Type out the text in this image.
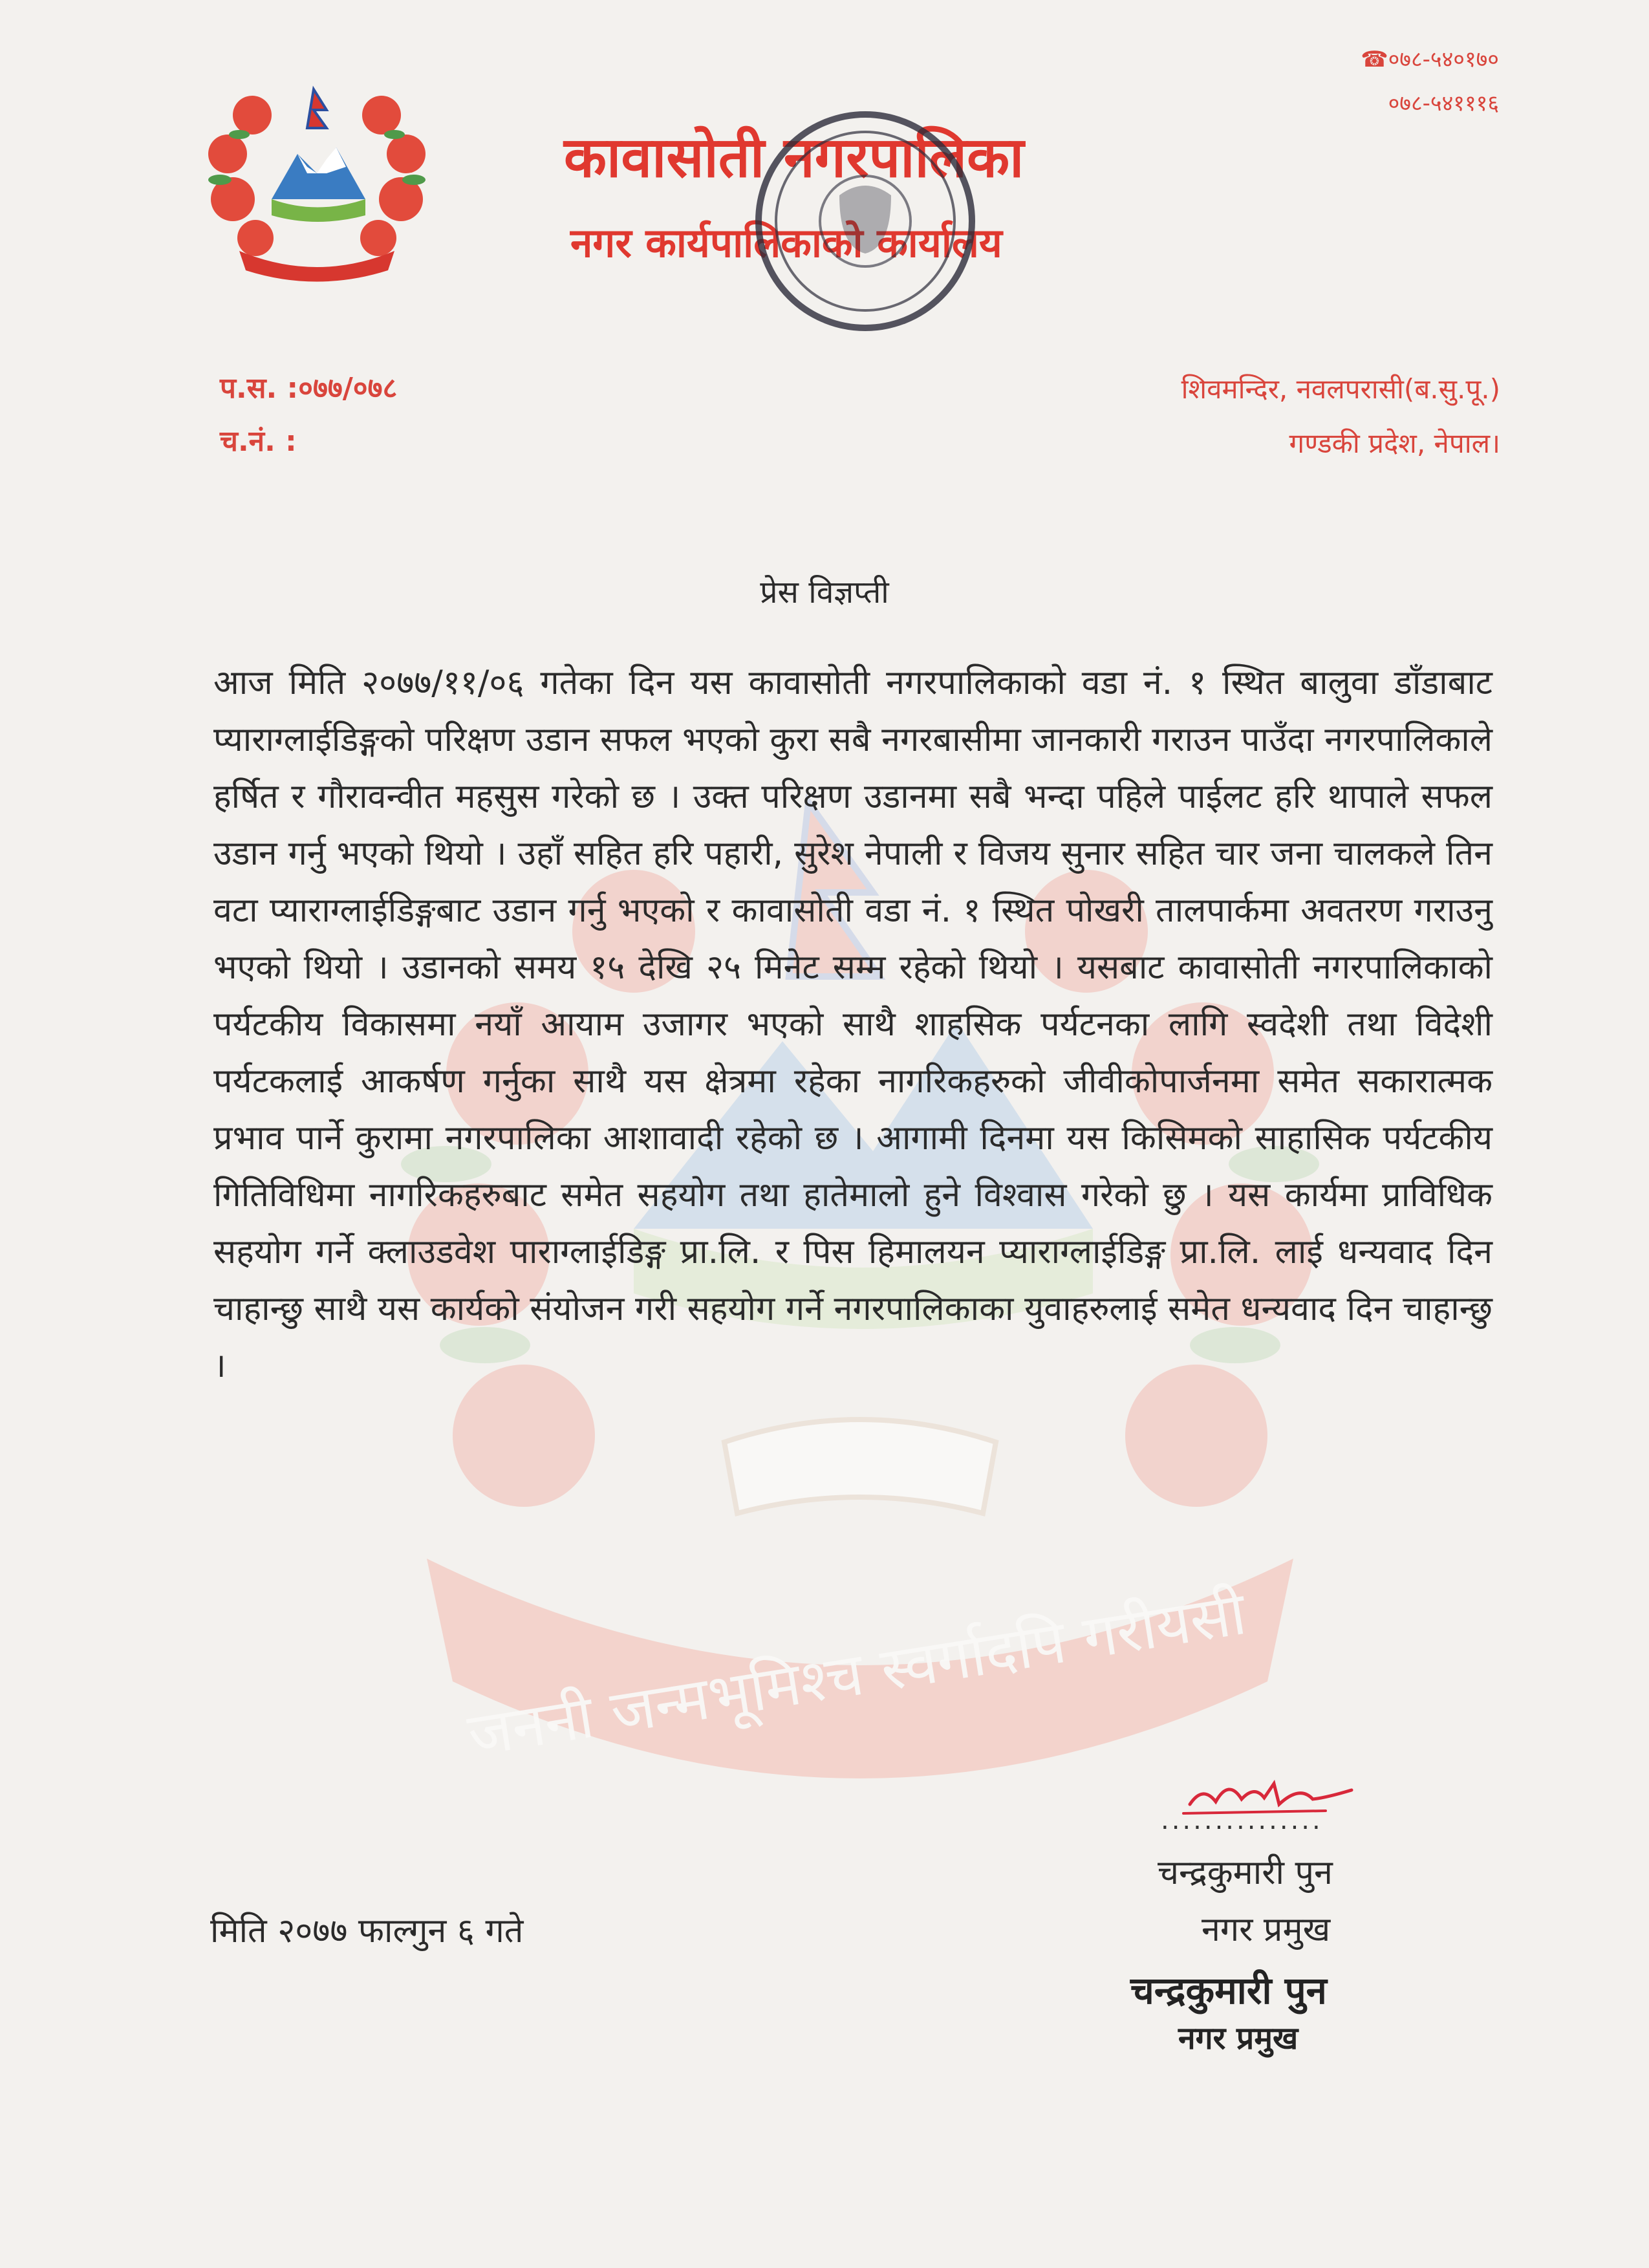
☎०७८-५४०१७०
०७८-५४१११६
कावासोती नगरपालिका
नगर कार्यपालिकाको कार्यालय
प.स. :०७७/०७८
च.नं. :
शिवमन्दिर, नवलपरासी(ब.सु.पू.)
गण्डकी प्रदेश, नेपाल।
जननी जन्मभूमिश्च स्वर्गादपि गरीयसी
प्रेस विज्ञप्ती
आज मिति २०७७/११/०६ गतेका दिन यस कावासोती नगरपालिकाको वडा नं. १ स्थित बालुवा डाँडाबाट प्याराग्लाईडिङ्गको परिक्षण उडान सफल भएको कुरा सबै नगरबासीमा जानकारी गराउन पाउँदा नगरपालिकाले हर्षित र गौरावन्वीत महसुस गरेको छ । उक्त परिक्षण उडानमा सबै भन्दा पहिले पाईलट हरि थापाले सफल उडान गर्नु भएको थियो । उहाँ सहित हरि पहारी, सुरेश नेपाली र विजय सुनार सहित चार जना चालकले तिन वटा प्याराग्लाईडिङ्गबाट उडान गर्नु भएको र कावासोती वडा नं. १ स्थित पोखरी तालपार्कमा अवतरण गराउनु भएको थियो । उडानको समय १५ देखि २५ मिनेट सम्म रहेको थियो । यसबाट कावासोती नगरपालिकाको पर्यटकीय विकासमा नयाँ आयाम उजागर भएको साथै शाहसिक पर्यटनका लागि स्वदेशी तथा विदेशी पर्यटकलाई आकर्षण गर्नुका साथै यस क्षेत्रमा रहेका नागरिकहरुको जीवीकोपार्जनमा समेत सकारात्मक प्रभाव पार्ने कुरामा नगरपालिका आशावादी रहेको छ । आगामी दिनमा यस किसिमको साहासिक पर्यटकीय गितिविधिमा नागरिकहरुबाट समेत सहयोग तथा हातेमालो हुने विश्वास गरेको छु । यस कार्यमा प्राविधिक सहयोग गर्ने क्लाउडवेश पाराग्लाईडिङ्ग प्रा.लि. र पिस हिमालयन प्याराग्लाईडिङ्ग प्रा.लि. लाई धन्यवाद दिन चाहान्छु साथै यस कार्यको संयोजन गरी सहयोग गर्ने नगरपालिकाका युवाहरुलाई समेत धन्यवाद दिन चाहान्छु ।
...............
चन्द्रकुमारी पुन
नगर प्रमुख
मिति २०७७ फाल्गुन ६ गते
चन्द्रकुमारी पुन
नगर प्रमुख
